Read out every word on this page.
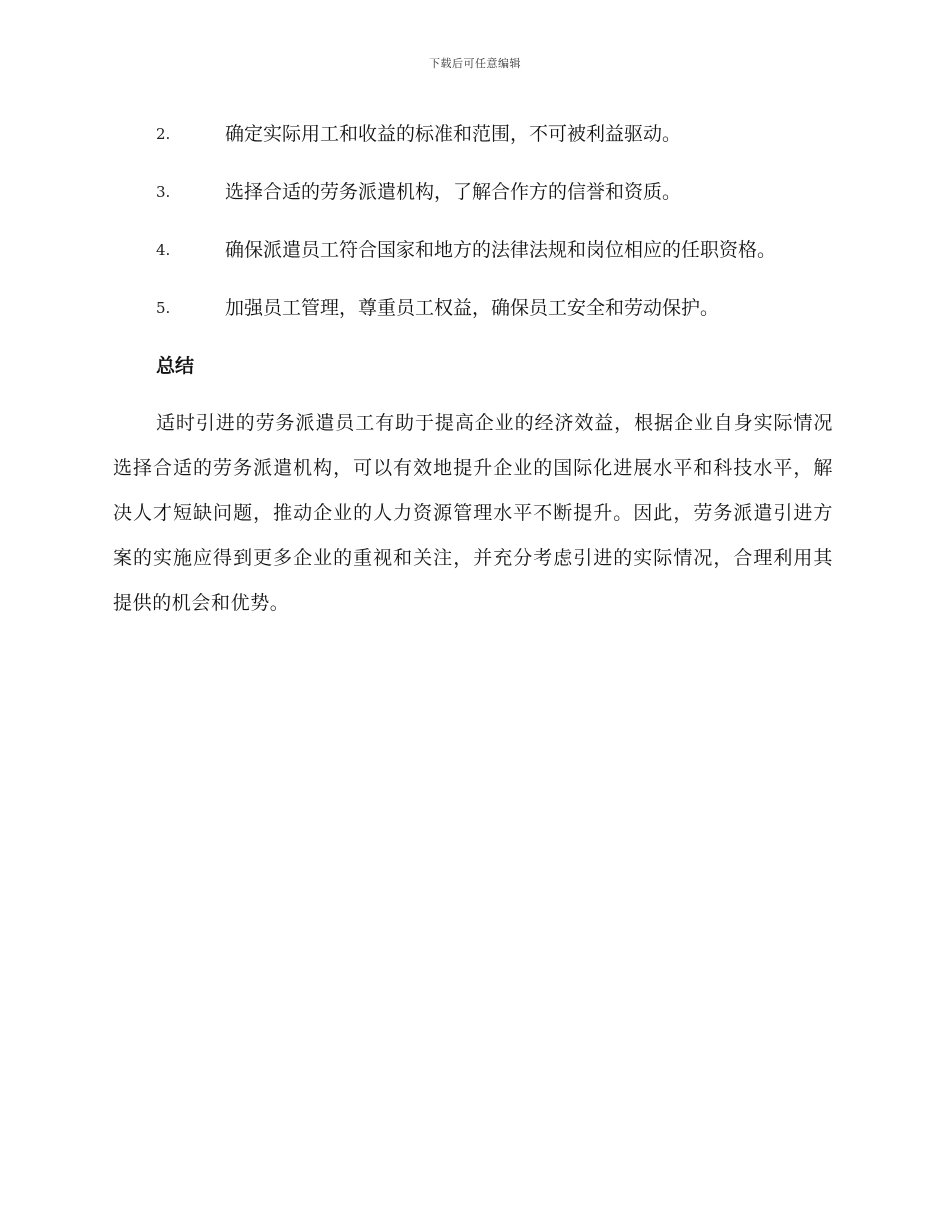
下载后可任意编辑
2.	确定实际用工和收益的标准和范围，不可被利益驱动。
3.	选择合适的劳务派遣机构，了解合作方的信誉和资质。
4.	确保派遣员工符合国家和地方的法律法规和岗位相应的任职资格。
5.	加强员工管理，尊重员工权益，确保员工安全和劳动保护。
总结

适时引进的劳务派遣员工有助于提高企业的经济效益，根据企业自身实际情况选择合适的劳务派遣机构，可以有效地提升企业的国际化进展水平和科技水平，解决人才短缺问题，推动企业的人力资源管理水平不断提升。因此，劳务派遣引进方案的实施应得到更多企业的重视和关注，并充分考虑引进的实际情况，合理利用其提供的机会和优势。
